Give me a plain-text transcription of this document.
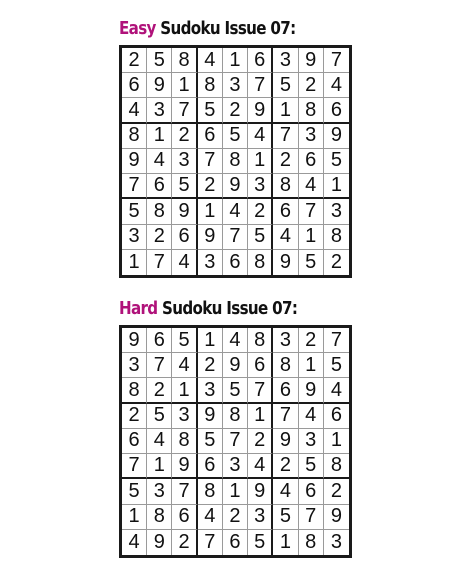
Easy Sudoku Issue 07:
2 5 8 4 1 6 3 9 7
6 9 1 8 3 7 5 2 4
4 3 7 5 2 9 1 8 6
8 1 2 6 5 4 7 3 9
9 4 3 7 8 1 2 6 5
7 6 5 2 9 3 8 4 1
5 8 9 1 4 2 6 7 3
3 2 6 9 7 5 4 1 8
1 7 4 3 6 8 9 5 2
Hard Sudoku Issue 07:
9 6 5 1 4 8 3 2 7
3 7 4 2 9 6 8 1 5
8 2 1 3 5 7 6 9 4
2 5 3 9 8 1 7 4 6
6 4 8 5 7 2 9 3 1
7 1 9 6 3 4 2 5 8
5 3 7 8 1 9 4 6 2
1 8 6 4 2 3 5 7 9
4 9 2 7 6 5 1 8 3
